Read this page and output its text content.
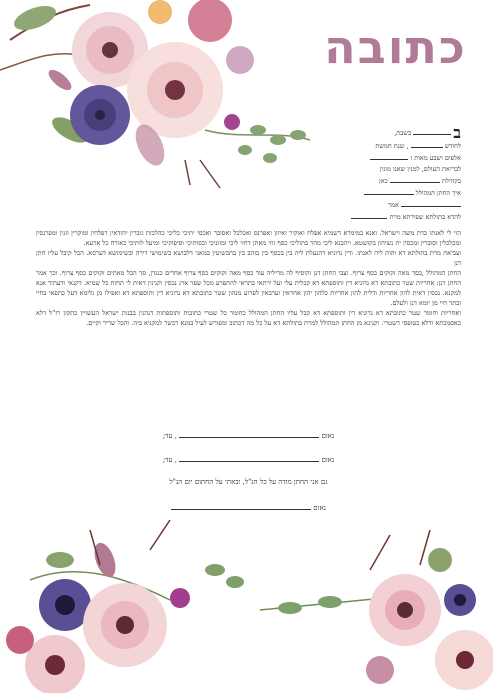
כתובה
ב  בשבת,
לחודש  , שנת חמשת
אלפים ושבע מאות ו
לבריאת העולם, למנין שאנו מונין
בקהילת  כאן
איך החתן המהולל
אמר
להדא בתולתא שפירתא מרת

הוי לי לאנתו כדת משה וישראל. ואנא במימרא דשמיא אפלח ואוקיר ואיזון ואפרנס ואכלכל ואסובר ואכסי יתיכי כליכי כהלכות גוברין יהודאין דפלחין ומוקרין וזנין ומפרנסין ומכלכלין וסוברין ומכסין ית נשיהון בקושטא. ויהבנא ליכי מהר בתוליכי כסף זוזי מאתן דחזי ליכי ומזוניכי וכסותיכי וסיפוקיכי ומיעל לותיכי כאורח כל ארעא.

וצביאת מרת בתולתא דא והות ליה לאנתו. ודין נדוניא דהנעלת ליה בין בכסף בין בזהב בין בתכשיטין במאני דלבושא בשימושי דירה ובשימושא דערסא. הכל קיבל עליו חתן דנן

החתן המהולל ,בסך מאה זקוקים כסף צרוף. וצבי החתן דנן והוסיף לה מדיליה עוד כסף מאה זקוקים כסף צרוף אחרים כנגדן, סך הכל מאתים זקוקים כסף צרוף. וכך אמר החתן דנן: אחריות שטר כתובתא דא נדוניא דין ותוספתא דא קבלית עלי ועל ירתאי בתראי להתפרע מכל שפר ארג נכסין וקנינין דאית לי תחות כל שמיא. דקנאי ודעתיד אנא למקנא. נכסין דאית להון אחריות ודלית להון אחריות כלהון יהון אחראין וערבאין לפרוע מנהון שטר כתובתא דא נדוניא דין ותוספתא דא ואפילו מן גלימא דעל כתפאי בחיי ובתר חיי מן יומא דנן ולעלם.

ואחריות וחומר שטר כתובתא דא נדוניא דין ותוספתא דא קבל עליו החתן המהולל כחומר כל שטרי כתובות ותוספתות דנהגין בבנות ישראל העשויין כתקון רז"ל דלא כאסמכתא ודלא כטופסי דשטרי. וקנינא מן החתן המהולל למרת בתולתא דא על כל מה דכתוב ומפורש לעיל במנא דכשר למקניא ביה. והכל שריר וקיים.

נאום  , עד;
נאום  , עד;
גם אני החתן מודה על כל הנ"ל, ובאתי על החתום יום הנ"ל
נאום
